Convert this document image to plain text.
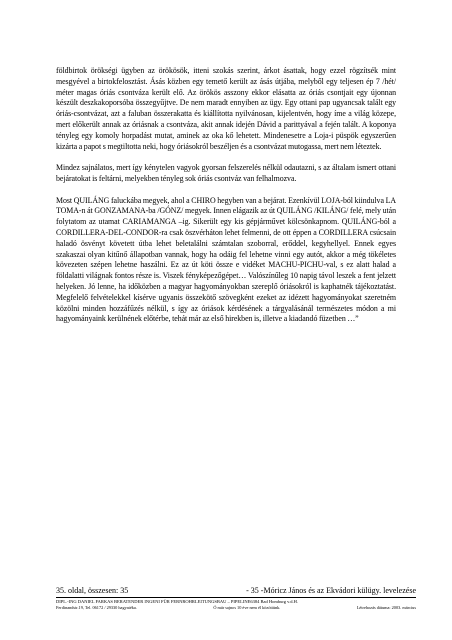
földbirtok örökségi ügyben az örökösök, itteni szokás szerint, árkot ásattak, hogy ezzel rögzítsék mint mesgyével a birtokfelosztást. Ásás közben egy temető került az ásás útjába, melyből egy teljesen ép 7 /hét/ méter magas óriás csontváza került elő. Az örökös asszony ekkor elásatta az óriás csontjait egy újonnan készült deszkakoporsóba összegyűjtve. De nem maradt ennyiben az ügy. Egy ottani pap ugyancsak talált egy óriás-csontvázat, azt a faluban összerakatta és kiállította nyilvánosan, kijelentvén, hogy íme a világ közepe, mert előkerült annak az óriásnak a csontváza, akit annak idején Dávid a parittyával a fején talált. A koponya tényleg egy komoly horpadást mutat, aminek az oka kő lehetett. Mindenesetre a Loja-i püspök egyszerűen kizárta a papot s megtiltotta neki, hogy óriásokról beszéljen és a csontvázat mutogassa, mert nem léteztek.

Mindez sajnálatos, mert így kénytelen vagyok gyorsan felszerelés nélkül odautazni, s az általam ismert ottani bejáratokat is feltárni, melyekben tényleg sok óriás csontváz van felhalmozva.

Most QUILÁNG faluckába megyek, ahol a CHIRO hegyben van a bejárat. Ezenkívül LOJA-ból kiindulva LA TOMA-n át GONZAMANA-ba /GÓNZ/ megyek. Innen elágazik az út QUILÁNG /KILÁNG/ felé, mely után folytatom az utamat CARIAMANGA –ig. Sikerült egy kis gépjárművet kölcsönkapnom. QUILÁNG-ból a CORDILLERA-DEL-CONDOR-ra csak öszvérháton lehet felmenni, de ott éppen a CORDILLERA csúcsain haladó ösvényt követett útba lehet beletalálni számtalan szoborral, erőddel, kegyhellyel. Ennek egyes szakaszai olyan kitűnő állapotban vannak, hogy ha odáig fel lehetne vinni egy autót, akkor a még tökéletes kövezeten szépen lehetne haszálni. Ez az út köti össze e vidéket MACHU-PICHU-val, s ez alatt halad a földalatti világnak fontos része is. Viszek fényképezőgépet… Valószínűleg 10 napig távol leszek a fent jelzett helyeken. Jó lenne, ha időközben a magyar hagyományokban szereplő óriásokról is kaphatnék tájékoztatást. Megfelelő felvételekkel kísérve ugyanis összekötő szövegként ezeket az idézett hagyományokat szeretném közölni minden hozzáfűzés nélkül, s így az óriások kérdésének a tárgyalásánál természetes módon a mi hagyományaink kerülnének előtérbe, tehát már az első hirekben is, illetve a kiadandó füzetben …”

35. oldal, összesen: 35	- 35 -Móricz János és az Ekvádori külügy. levelezése
DIPL.-ING DANIEL FARKAS BERATENDER INGENI FÜR FERNROHRLEITUNGSBAU – PIPELINE6384 Bad Homburg v.d.H.
Ferdinandstr.19, Tel. 06172 / 29330 hagyatéka.	Ó már sajnos 10 éve nem él közöttünk.	Létrehozás dátuma: 2003. március
